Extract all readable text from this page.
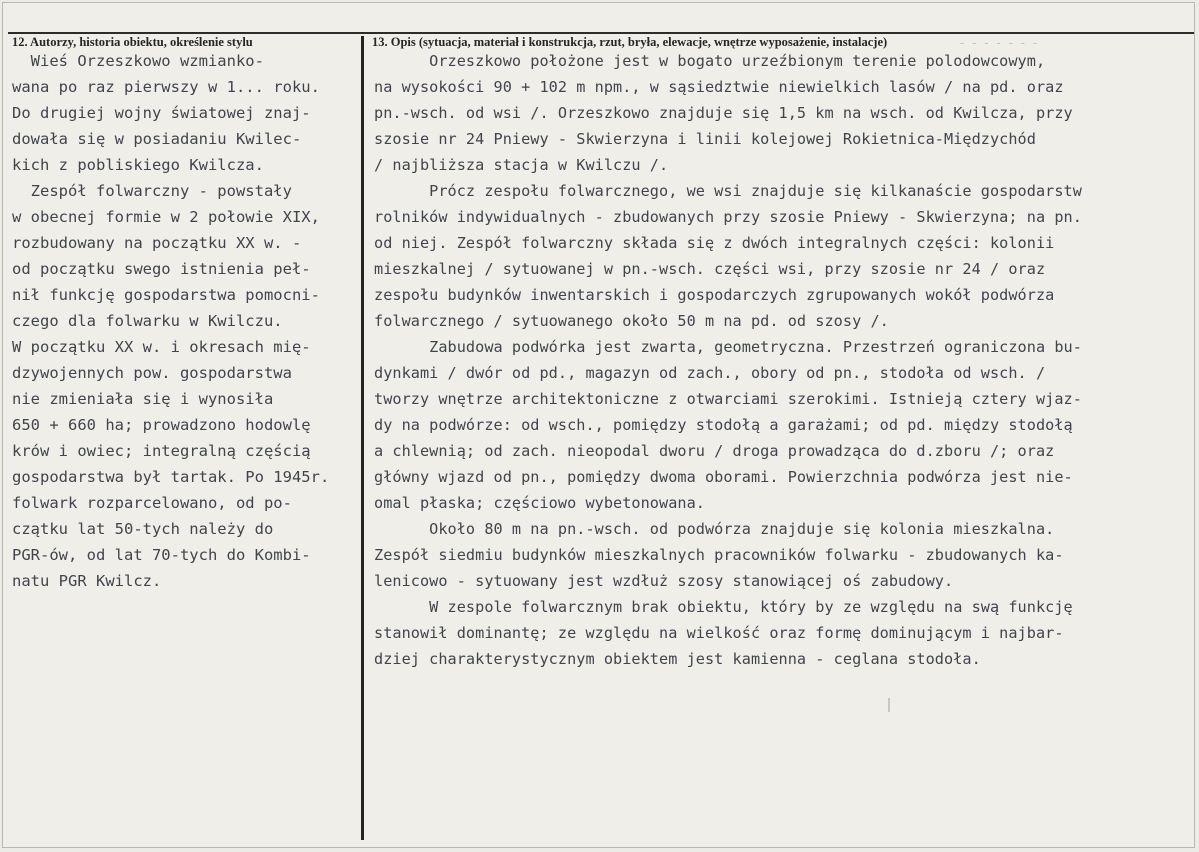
12. Autorzy, historia obiektu, określenie stylu	13. Opis (sytuacja, materiał i konstrukcja, rzut, bryła, elewacje, wnętrze wyposażenie, instalacje)	- - - - - - -
Wieś Orzeszkowo wzmianko-
wana po raz pierwszy w 1... roku.
Do drugiej wojny światowej znaj-
dowała się w posiadaniu Kwilec-
kich z pobliskiego Kwilcza.
Zespół folwarczny - powstały
w obecnej formie w 2 połowie XIX,
rozbudowany na początku XX w. -
od początku swego istnienia peł-
nił funkcję gospodarstwa pomocni-
czego dla folwarku w Kwilczu.
W początku XX w. i okresach mię-
dzywojennych pow. gospodarstwa
nie zmieniała się i wynosiła
650 + 660 ha; prowadzono hodowlę
krów i owiec; integralną częścią
gospodarstwa był tartak. Po 1945r.
folwark rozparcelowano, od po-
czątku lat 50-tych należy do
PGR-ów, od lat 70-tych do Kombi-
natu PGR Kwilcz.
Orzeszkowo położone jest w bogato urzeźbionym terenie polodowcowym,
na wysokości 90 + 102 m npm., w sąsiedztwie niewielkich lasów / na pd. oraz
pn.-wsch. od wsi /. Orzeszkowo znajduje się 1,5 km na wsch. od Kwilcza, przy
szosie nr 24 Pniewy - Skwierzyna i linii kolejowej Rokietnica-Międzychód
/ najbliższa stacja w Kwilczu /.
Prócz zespołu folwarcznego, we wsi znajduje się kilkanaście gospodarstw
rolników indywidualnych - zbudowanych przy szosie Pniewy - Skwierzyna; na pn.
od niej. Zespół folwarczny składa się z dwóch integralnych części: kolonii
mieszkalnej / sytuowanej w pn.-wsch. części wsi, przy szosie nr 24 / oraz
zespołu budynków inwentarskich i gospodarczych zgrupowanych wokół podwórza
folwarcznego / sytuowanego około 50 m na pd. od szosy /.
Zabudowa podwórka jest zwarta, geometryczna. Przestrzeń ograniczona bu-
dynkami / dwór od pd., magazyn od zach., obory od pn., stodoła od wsch. /
tworzy wnętrze architektoniczne z otwarciami szerokimi. Istnieją cztery wjaz-
dy na podwórze: od wsch., pomiędzy stodołą a garażami; od pd. między stodołą
a chlewnią; od zach. nieopodal dworu / droga prowadząca do d.zboru /; oraz
główny wjazd od pn., pomiędzy dwoma oborami. Powierzchnia podwórza jest nie-
omal płaska; częściowo wybetonowana.
Około 80 m na pn.-wsch. od podwórza znajduje się kolonia mieszkalna.
Zespół siedmiu budynków mieszkalnych pracowników folwarku - zbudowanych ka-
lenicowo - sytuowany jest wzdłuż szosy stanowiącej oś zabudowy.
W zespole folwarcznym brak obiektu, który by ze względu na swą funkcję
stanowił dominantę; ze względu na wielkość oraz formę dominującym i najbar-
dziej charakterystycznym obiektem jest kamienna - ceglana stodoła.
